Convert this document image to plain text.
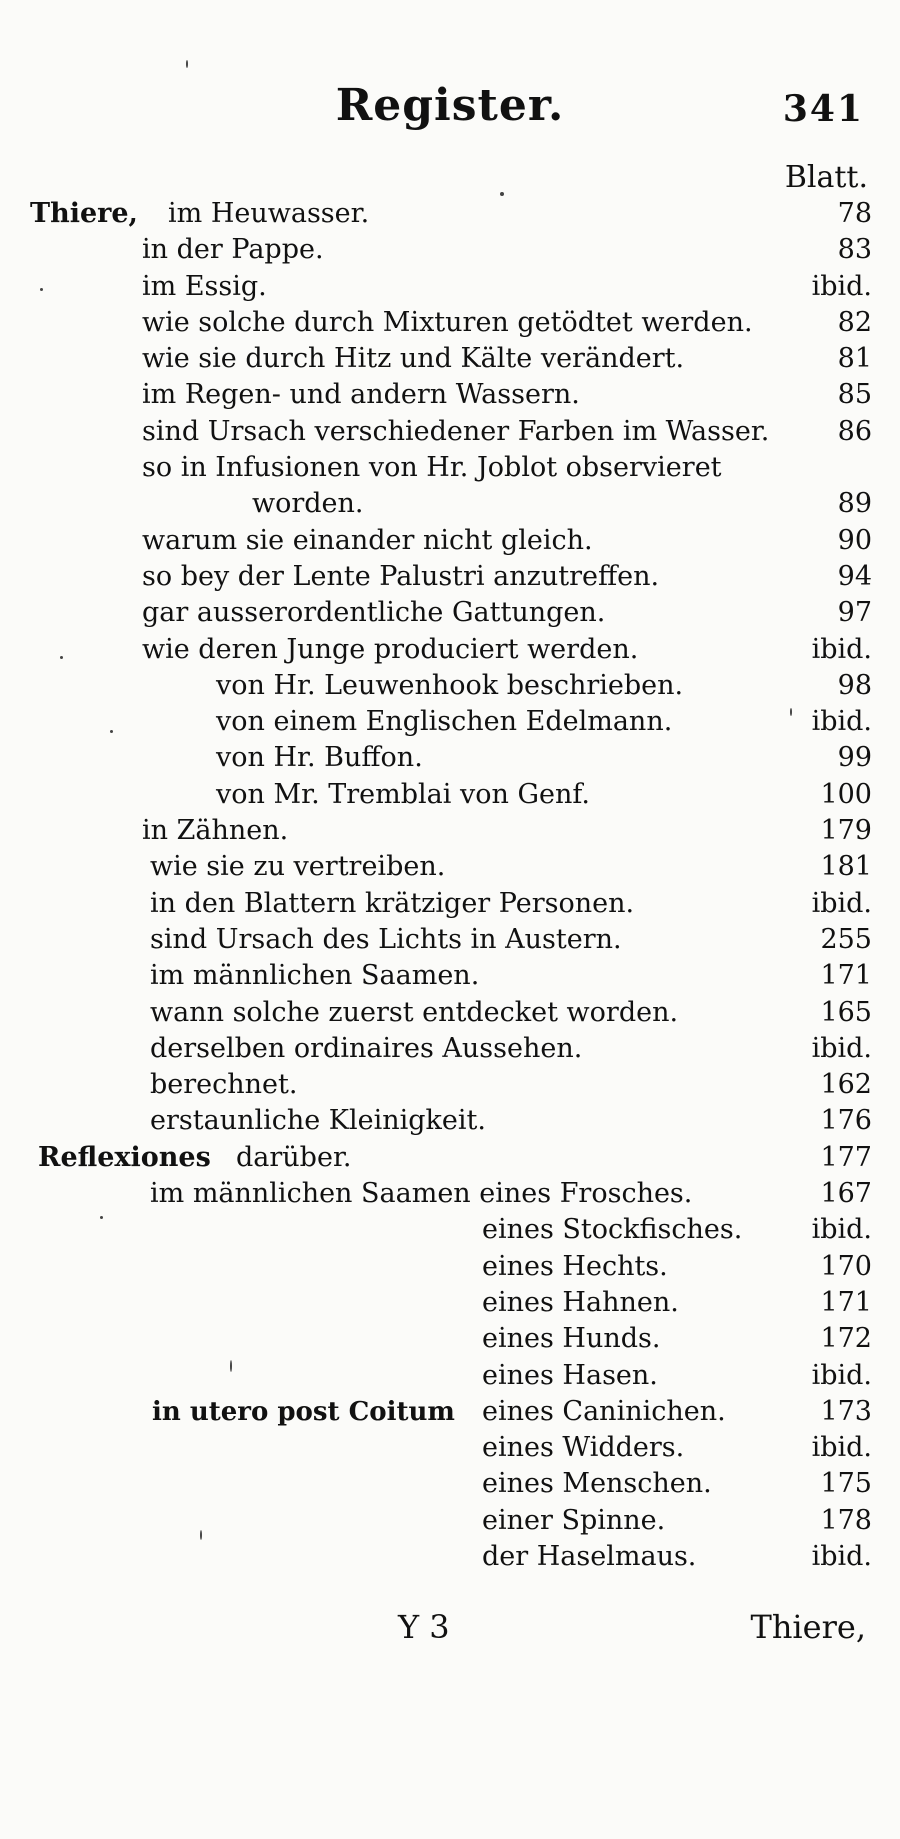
Register.	341
Blatt.
Thiere, im Heuwasser.	78
in der Pappe.	83
im Essig.	ibid.
wie solche durch Mixturen getödtet werden.	82
wie sie durch Hitz und Kälte verändert.	81
im Regen- und andern Wassern.	85
sind Ursach verschiedener Farben im Wasser.	86
so in Infusionen von Hr. Joblot observieret
worden.	89
warum sie einander nicht gleich.	90
so bey der Lente Palustri anzutreffen.	94
gar ausserordentliche Gattungen.	97
wie deren Junge produciert werden.	ibid.
von Hr. Leuwenhook beschrieben.	98
von einem Englischen Edelmann.	ibid.
von Hr. Buffon.	99
von Mr. Tremblai von Genf.	100
in Zähnen.	179
wie sie zu vertreiben.	181
in den Blattern krätziger Personen.	ibid.
sind Ursach des Lichts in Austern.	255
im männlichen Saamen.	171
wann solche zuerst entdecket worden.	165
derselben ordinaires Aussehen.	ibid.
berechnet.	162
erstaunliche Kleinigkeit.	176
Reflexiones darüber.	177
im männlichen Saamen eines Frosches.	167
eines Stockfisches.	ibid.
eines Hechts.	170
eines Hahnen.	171
eines Hunds.	172
eines Hasen.	ibid.
in utero post Coitum eines Caninichen.	173
eines Widders.	ibid.
eines Menschen.	175
einer Spinne.	178
der Haselmaus.	ibid.
Y 3	Thiere,
